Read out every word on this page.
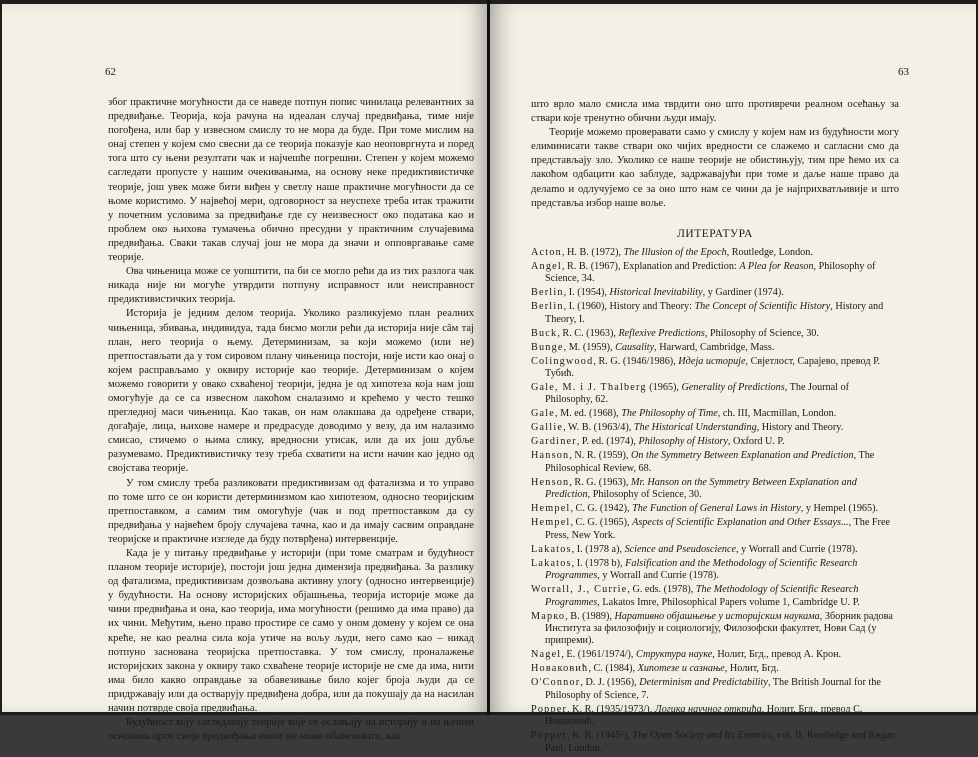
62

због практичне могућности да се наведе потпун попис чинилаца релевантних за предвиђање. Теорија, која рачуна на идеалан случај предвиђања, тиме није погођена, или бар у извесном смислу то не мора да буде. При томе мислим на онај степен у којем смо свесни да се теорија показује као неоповргнута и поред тога што су њени резултати чак и најчешће погрешни. Степен у којем можемо сагледати пропусте у нашим очекивањима, на основу неке предиктивистичке теорије, још увек може бити виђен у светлу наше практичне могућности да се њоме користимо. У највећој мери, одговорност за неуспехе треба итак тражити у почетним условима за предвиђање где су неизвесност око података као и проблем око њихова тумачења обично пресудни у практичним случајевима предвиђања. Сваки такав случај још не мора да значи и опповргавање саме теорије.

Ова чињеница може се уопштити, па би се могло рећи да из тих разлога чак никада није ни могуће утврдити потпуну исправност или неисправност предиктивистичких теорија.

Историја је једним делом теорија. Уколико разликујемо план реалних чињеница, збивања, индивидуа, тада бисмо могли рећи да историја није сâм тај план, него теорија о њему. Детерминизам, за који можемо (или не) претпостављати да у том сировом плану чињеница постоји, није исти као онај о којем расправљамо у оквиру историје као теорије. Детерминизам о којем можемо говорити у овако схваћеној теорији, једна је од хипотеза која нам још омогућује да се са извесном лакоћом сналазимо и крећемо у често тешко прегледној маси чињеница. Као такав, он нам олакшава да одређене ствари, догађаје, лица, њихове намере и предрасуде доводимо у везу, да им налазимо смисао, стичемо о њима слику, вредносни утисак, или да их још дубље разумевамо. Предиктивистичку тезу треба схватити на исти начин као једно од својстава теорије.

У том смислу треба разликовати предиктивизам од фатализма и то управо по томе што се он користи детерминизмом као хипотезом, односно теоријским претпоставком, а самим тим омогућује (чак и под претпоставком да су предвиђања у највећем броју случајева тачна, као и да имају сасвим оправдане теоријске и практичне изгледе да буду потврђена) интервенције.

Када је у питању предвиђање у историји (при томе сматрам и будућност планом теорије историје), постоји још једна димензија предвиђања. За разлику од фатализма, предиктивизам дозвољава активну улогу (односно интервенције) у будућности. На основу историјских објашњења, теорија историје може да чини предвиђања и она, као теорија, има могућности (решимо да има право) да их чини. Међутим, њено право простире се само у оном домену у којем се она креће, не као реална сила која утиче на вољу људи, него само као – никад потпуно заснована теоријска претпоставка. У том смислу, проналажење историјских закона у оквиру тако схваћене теорије историје не сме да има, нити има било какво оправдање за обавезивање било којег броја људи да се придржавају или да остварују предвиђена добра, или да покушају да на насилан начин потврде своја предвиђања.

Будућност коју сагледавају теорије које се ослањају на историју и на њеним основама црпе своја предвиђања никог не може обавезивати, као

63

што врло мало смисла има тврдити оно што противречи реалном осећању за ствари које тренутно обични људи имају.

Теорије можемо проверавати само у смислу у којем нам из будућности могу елиминисати такве ствари око чијих вредности се слажемо и сагласни смо да представљају зло. Уколико се наше теорије не обистињују, тим пре ћемо их са лакоћом одбацити као заблуде, задржавајући при томе и даље наше право да делamo и одлучујемо се за оно што нам се чини да је најприхватљивије и што представља избор наше воље.

ЛИТЕРАТУРА
Acton, H. B. (1972), The Illusion of the Epoch, Routledge, London.
Angel, R. B. (1967), Explanation and Prediction: A Plea for Reason, Philosophy of Science, 34.
Berlin, I. (1954), Historical Inevitability, у Gardiner (1974).
Berlin, I. (1960), History and Theory: The Concept of Scientific History, History and Theory, I.
Buck, R. C. (1963), Reflexive Predictions, Philosophy of Science, 30.
Bunge, M. (1959), Causality, Harward, Cambridge, Mass.
Colingwood, R. G. (1946/1986), Идеја историје, Свјетлост, Сарајево, превод Р. Тубић.
Gale, M. i J. Thalberg (1965), Generality of Predictions, The Journal of Philosophy, 62.
Gale, M. ed. (1968), The Philosophy of Time, ch. III, Macmillan, London.
Gallie, W. B. (1963/4), The Historical Understanding, History and Theory.
Gardiner, P. ed. (1974), Philosophy of History, Oxford U. P.
Hanson, N. R. (1959), On the Symmetry Between Explanation and Prediction, The Philosophical Review, 68.
Henson, R. G. (1963), Mr. Hanson on the Symmetry Between Explanation and Prediction, Philosophy of Science, 30.
Hempel, C. G. (1942), The Function of General Laws in History, у Hempel (1965).
Hempel, C. G. (1965), Aspects of Scientific Explanation and Other Essays..., The Free Press, New York.
Lakatos, I. (1978 a), Science and Pseudoscience, у Worrall and Currie (1978).
Lakatos, I. (1978 b), Falsification and the Methodology of Scientific Research Programmes, у Worrall and Currie (1978).
Worrall, J., Currie, G. eds. (1978), The Methodology of Scientific Research Programmes, Lakatos Imre, Philosophical Papers volume 1, Cambridge U. P.
Марко, В. (1989), Наративно објашњење у историјским наукама, Зборник радова Института за филозофију и социологију, Филозофски факултет, Нови Сад (у припреми).
Nagel, E. (1961/1974/), Структура науке, Нолит, Бгд., превод А. Крон.
Новаковић, С. (1984), Хипотезе и сазнање, Нолит, Бгд.
O'Connor, D. J. (1956), Determinism and Predictability, The British Journal for the Philosophy of Science, 7.
Popper, K. R. (1935/1973/), Логика научног открића, Нолит, Бгд., превод С. Новаковић.
Popper, K. R. (1945⁵), The Open Society and Its Enemies, vol. II, Routledge and Kegan Paul, London.
